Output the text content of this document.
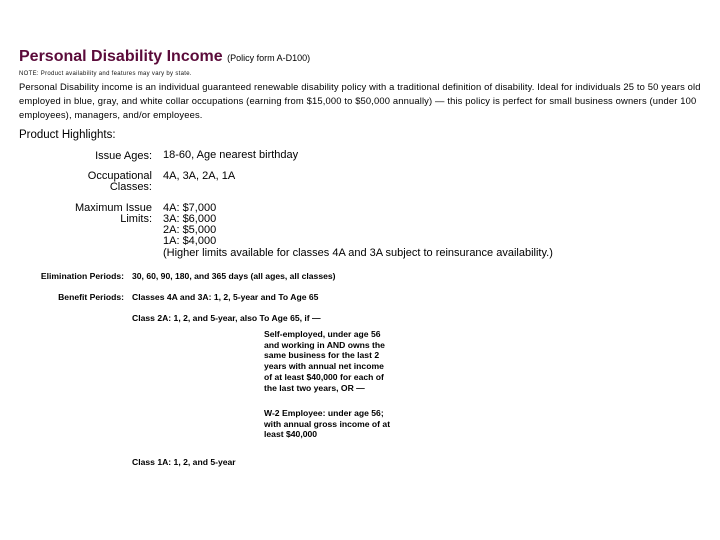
Personal Disability Income (Policy form A-D100)
NOTE: Product availability and features may vary by state.
Personal Disability income is an individual guaranteed renewable disability policy with a traditional definition of disability. Ideal for individuals 25 to 50 years old employed in blue, gray, and white collar occupations (earning from $15,000 to $50,000 annually) — this policy is perfect for small business owners (under 100 employees), managers, and/or employees.
Product Highlights:
Issue Ages: 18-60, Age nearest birthday
Occupational
Classes:
4A, 3A, 2A, 1A
Maximum Issue
Limits:
4A: $7,000
3A: $6,000
2A: $5,000
1A: $4,000
(Higher limits available for classes 4A and 3A subject to reinsurance availability.)
Elimination Periods: 30, 60, 90, 180, and 365 days (all ages, all classes)
Benefit Periods: Classes 4A and 3A: 1, 2, 5-year and To Age 65
Class 2A: 1, 2, and 5-year, also To Age 65, if —
Self-employed, under age 56
and working in AND owns the
same business for the last 2
years with annual net income
of at least $40,000 for each of
the last two years, OR —
W-2 Employee: under age 56;
with annual gross income of at
least $40,000
Class 1A: 1, 2, and 5-year
